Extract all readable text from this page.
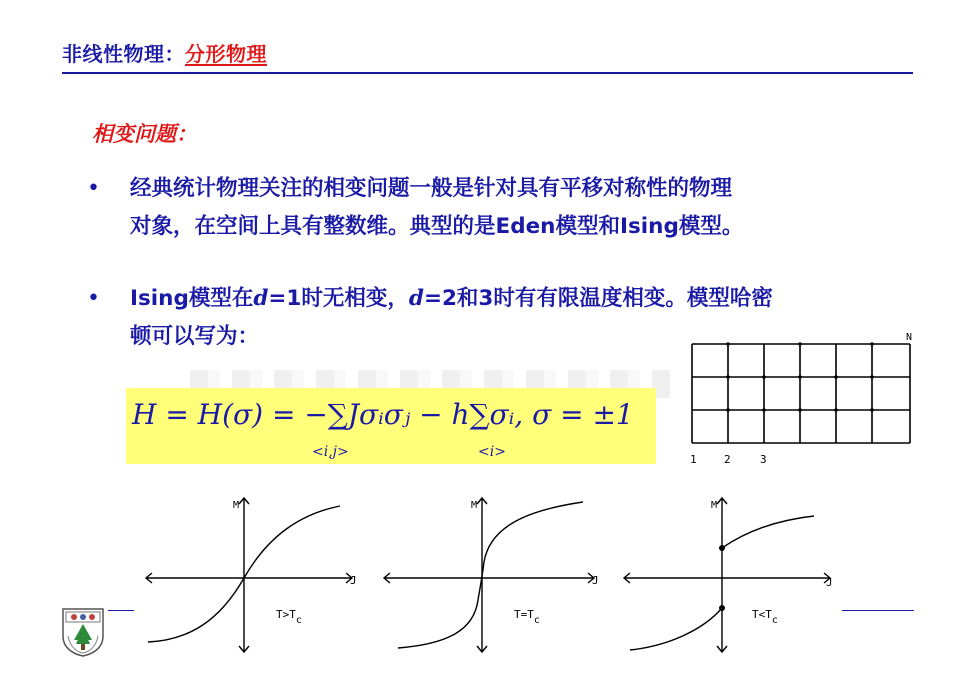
非线性物理：分形物理
相变问题：
• 经典统计物理关注的相变问题一般是针对具有平移对称性的物理
对象，在空间上具有整数维。典型的是Eden模型和Ising模型。
• Ising模型在d=1时无相变，d=2和3时有有限温度相变。模型哈密
顿可以写为：
H = H(σ) = −∑Jσᵢσⱼ − h∑σᵢ, σ = ±1
<i,j>	<i>
N
1 2	3
M
J
T>Tc
M
J
T=Tc
M
J
T<Tc
